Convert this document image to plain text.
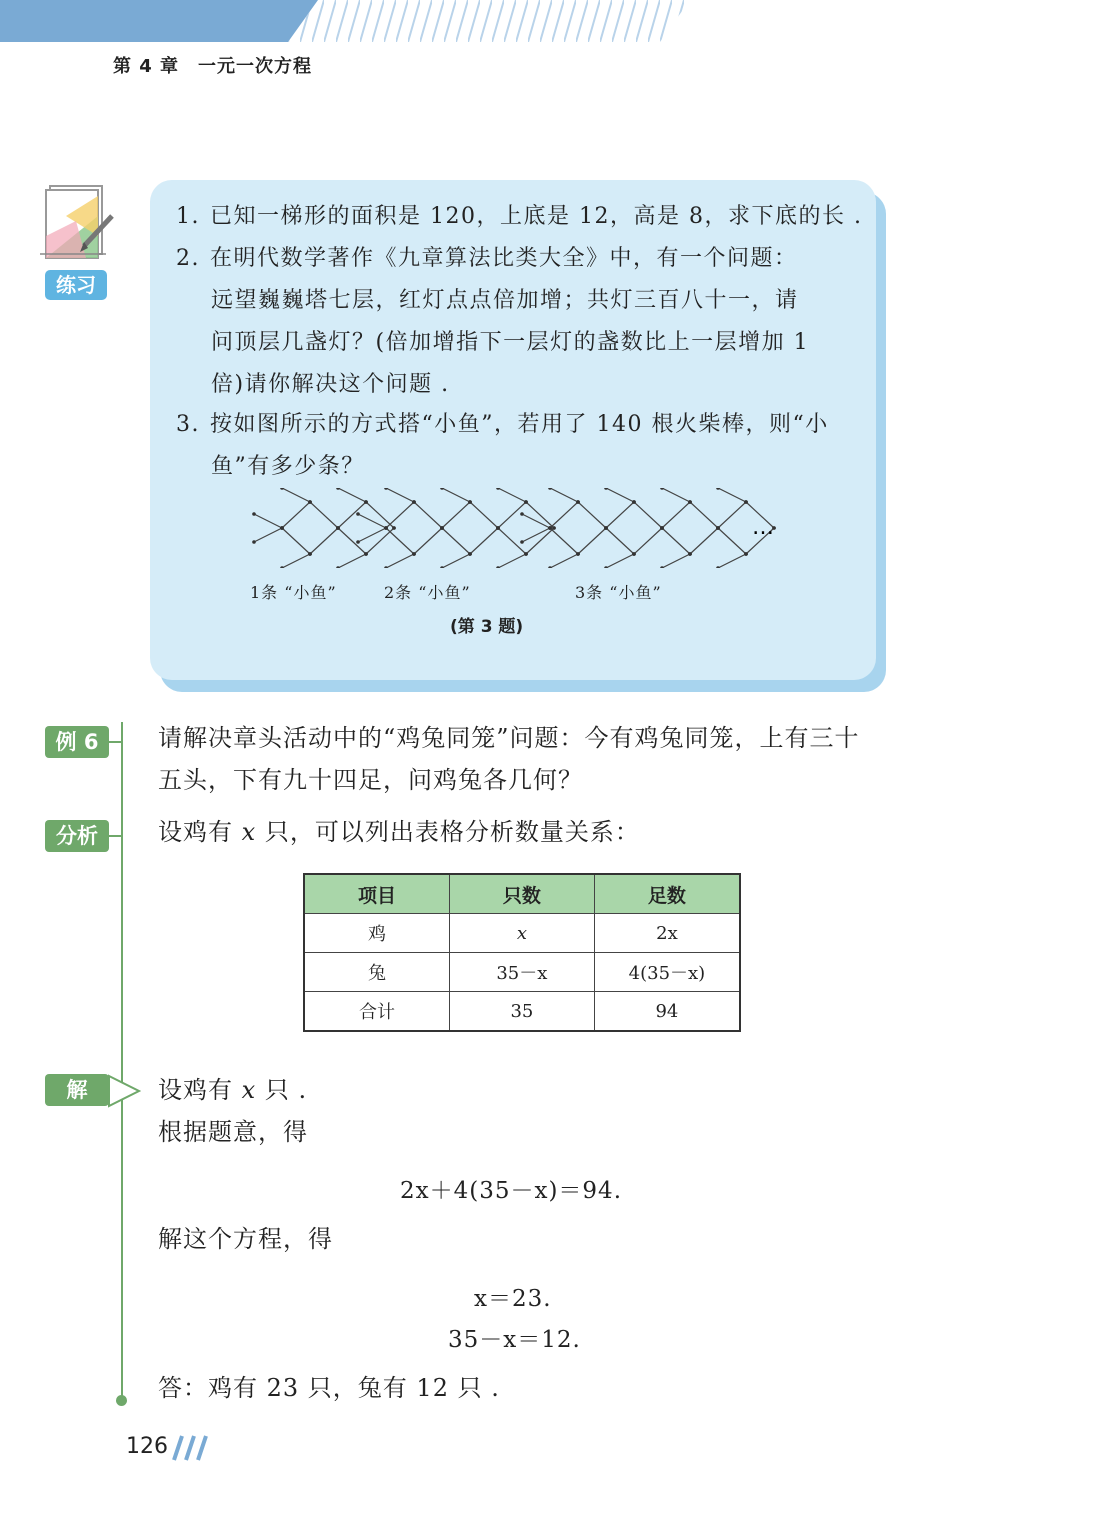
第 4 章　一元一次方程
练习
1. 已知一梯形的面积是 120，上底是 12，高是 8，求下底的长 .
2. 在明代数学著作《九章算法比类大全》中，有一个问题：
远望巍巍塔七层，红灯点点倍加增；共灯三百八十一，请
问顶层几盏灯？(倍加增指下一层灯的盏数比上一层增加 1
倍)请你解决这个问题 .
3. 按如图所示的方式搭“小鱼”，若用了 140 根火柴棒，则“小
鱼”有多少条？
…
1条 “小鱼”	2条 “小鱼”	3条 “小鱼”
(第 3 题)
例 6
分析
解
请解决章头活动中的“鸡兔同笼”问题：今有鸡兔同笼，上有三十
五头，下有九十四足，问鸡兔各几何？
设鸡有 x 只，可以列出表格分析数量关系：
项目	只数	足数
鸡	x	2x
兔	35－x	4(35－x)
合计	35	94
设鸡有 x 只 .
根据题意，得
2x＋4(35－x)＝94.
解这个方程，得
x＝23.
35－x＝12.
答：鸡有 23 只，兔有 12 只 .
126
